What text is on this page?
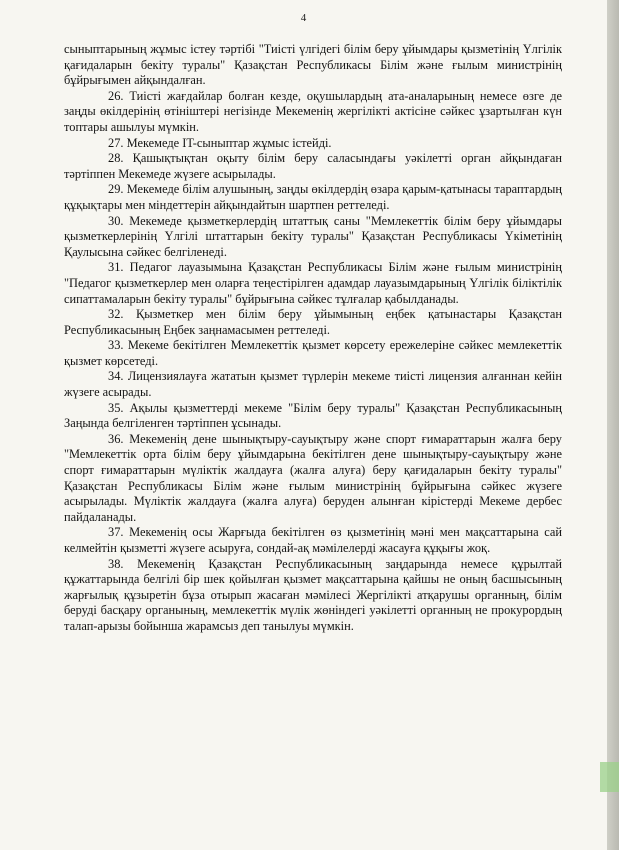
4

сыныптарының жұмыс істеу тәртібі "Тиісті үлгідегі білім беру ұйымдары қызметінің Үлгілік қағидаларын бекіту туралы" Қазақстан Республикасы Білім және ғылым министрінің бұйрығымен айқындалған.

26. Тиісті жағдайлар болған кезде, оқушылардың ата-аналарының немесе өзге де заңды өкілдерінің өтініштері негізінде Мекеменің жергілікті актісіне сәйкес ұзартылған күн топтары ашылуы мүмкін.

27. Мекемеде IT-сыныптар жұмыс істейді.

28. Қашықтықтан оқыту білім беру саласындағы уәкілетті орган айқындаған тәртіппен Мекемеде жүзеге асырылады.

29. Мекемеде білім алушының, заңды өкілдердің өзара қарым-қатынасы тараптардың құқықтары мен міндеттерін айқындайтын шартпен реттеледі.

30. Мекемеде қызметкерлердің штаттық саны "Мемлекеттік білім беру ұйымдары қызметкерлерінің Үлгілі штаттарын бекіту туралы" Қазақстан Республикасы Үкіметінің Қаулысына сәйкес белгіленеді.

31. Педагог лауазымына Қазақстан Республикасы Білім және ғылым министрінің "Педагог қызметкерлер мен оларға теңестірілген адамдар лауазымдарының Үлгілік біліктілік сипаттамаларын бекіту туралы" бұйрығына сәйкес тұлғалар қабылданады.

32. Қызметкер мен білім беру ұйымының еңбек қатынастары Қазақстан Республикасының Еңбек заңнамасымен реттеледі.

33. Мекеме бекітілген Мемлекеттік қызмет көрсету ережелеріне сәйкес мемлекеттік қызмет көрсетеді.

34. Лицензиялауға жататын қызмет түрлерін мекеме тиісті лицензия алғаннан кейін жүзеге асырады.

35. Ақылы қызметтерді мекеме "Білім беру туралы" Қазақстан Республикасының Заңында белгіленген тәртіппен ұсынады.

36. Мекеменің дене шынықтыру-сауықтыру және спорт ғимараттарын жалға беру "Мемлекеттік орта білім беру ұйымдарына бекітілген дене шынықтыру-сауықтыру және спорт ғимараттарын мүліктік жалдауға (жалға алуға) беру қағидаларын бекіту туралы" Қазақстан Республикасы Білім және ғылым министрінің бұйрығына сәйкес жүзеге асырылады. Мүліктік жалдауға (жалға алуға) беруден алынған кірістерді Мекеме дербес пайдаланады.

37. Мекеменің осы Жарғыда бекітілген өз қызметінің мәні мен мақсаттарына сай келмейтін қызметті жүзеге асыруға, сондай-ақ мәмілелерді жасауға құқығы жоқ.

38. Мекеменің Қазақстан Республикасының заңдарында немесе құрылтай құжаттарында белгілі бір шек қойылған қызмет мақсаттарына қайшы не оның басшысының жарғылық құзыретін бұза отырып жасаған мәмілесі Жергілікті атқарушы органның, білім беруді басқару органының, мемлекеттік мүлік жөніндегі уәкілетті органның не прокурордың талап-арызы бойынша жарамсыз деп танылуы мүмкін.
